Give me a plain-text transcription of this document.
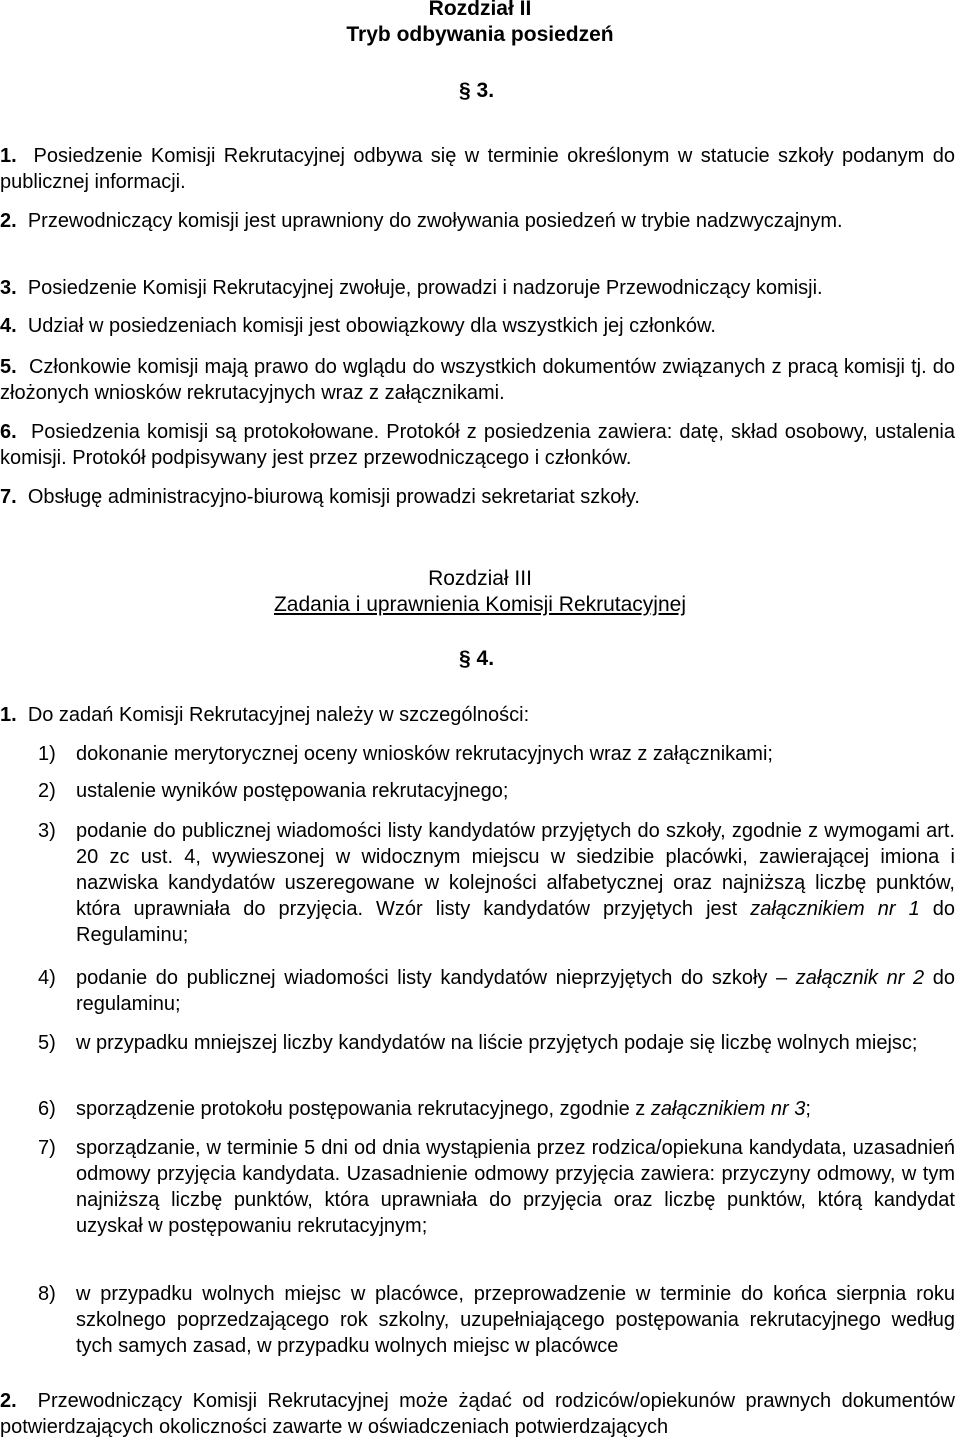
Rozdział II
Tryb odbywania posiedzeń
§ 3.
1. Posiedzenie Komisji Rekrutacyjnej odbywa się w terminie określonym w statucie szkoły podanym do publicznej informacji.
2. Przewodniczący komisji jest uprawniony do zwoływania posiedzeń w trybie nadzwyczajnym.
3. Posiedzenie Komisji Rekrutacyjnej zwołuje, prowadzi i nadzoruje Przewodniczący komisji.
4. Udział w posiedzeniach komisji jest obowiązkowy dla wszystkich jej członków.
5. Członkowie komisji mają prawo do wglądu do wszystkich dokumentów związanych z pracą komisji tj. do złożonych wniosków rekrutacyjnych wraz z załącznikami.
6. Posiedzenia komisji są protokołowane. Protokół z posiedzenia zawiera: datę, skład osobowy, ustalenia komisji. Protokół podpisywany jest przez przewodniczącego i członków.
7. Obsługę administracyjno-biurową komisji prowadzi sekretariat szkoły.
Rozdział III
Zadania i uprawnienia Komisji Rekrutacyjnej
§ 4.
1. Do zadań Komisji Rekrutacyjnej należy w szczególności:
1) dokonanie merytorycznej oceny wniosków rekrutacyjnych wraz z załącznikami;
2) ustalenie wyników postępowania rekrutacyjnego;
3) podanie do publicznej wiadomości listy kandydatów przyjętych do szkoły, zgodnie z wymogami art. 20 zc ust. 4, wywieszonej w widocznym miejscu w siedzibie placówki, zawierającej imiona i nazwiska kandydatów uszeregowane w kolejności alfabetycznej oraz najniższą liczbę punktów, która uprawniała do przyjęcia. Wzór listy kandydatów przyjętych jest załącznikiem nr 1 do Regulaminu;
4) podanie do publicznej wiadomości listy kandydatów nieprzyjętych do szkoły – załącznik nr 2 do regulaminu;
5) w przypadku mniejszej liczby kandydatów na liście przyjętych podaje się liczbę wolnych miejsc;
6) sporządzenie protokołu postępowania rekrutacyjnego, zgodnie z załącznikiem nr 3;
7) sporządzanie, w terminie 5 dni od dnia wystąpienia przez rodzica/opiekuna kandydata, uzasadnień odmowy przyjęcia kandydata. Uzasadnienie odmowy przyjęcia zawiera: przyczyny odmowy, w tym najniższą liczbę punktów, która uprawniała do przyjęcia oraz liczbę punktów, którą kandydat uzyskał w postępowaniu rekrutacyjnym;
8) w przypadku wolnych miejsc w placówce, przeprowadzenie w terminie do końca sierpnia roku szkolnego poprzedzającego rok szkolny, uzupełniającego postępowania rekrutacyjnego według tych samych zasad, w przypadku wolnych miejsc w placówce
2. Przewodniczący Komisji Rekrutacyjnej może żądać od rodziców/opiekunów prawnych dokumentów potwierdzających okoliczności zawarte w oświadczeniach potwierdzających
